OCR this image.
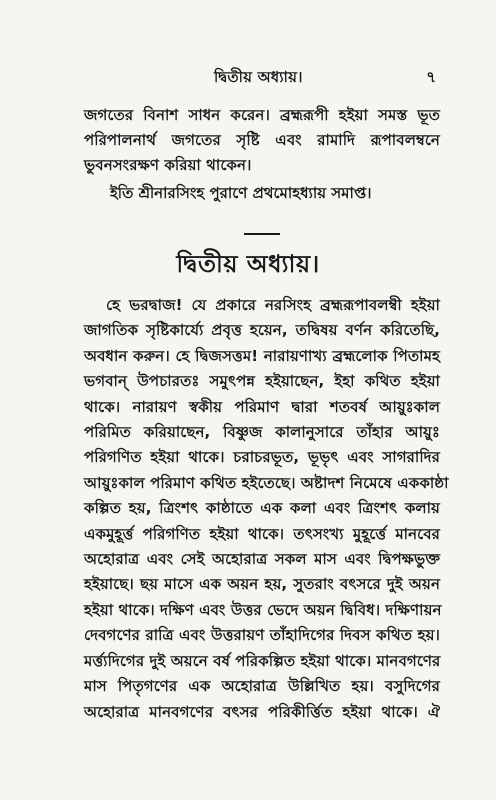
দ্বিতীয় অধ্যায়।	৭

জগতের বিনাশ সাধন করেন। ব্রহ্মরূপী হইয়া সমস্ত ভূত
পরিপালনার্থ জগতের সৃষ্টি এবং রামাদি রূপাবলম্বনে
ভুবনসংরক্ষণ করিয়া থাকেন।

ইতি শ্রীনারসিংহ পুরাণে প্রথমোহধ্যায় সমাপ্ত।
দ্বিতীয় অধ্যায়।

হে ভরদ্বাজ! যে প্রকারে নরসিংহ ব্রহ্মরূপাবলম্বী হইয়া
জাগতিক সৃষ্টিকার্য্যে প্রবৃত্ত হয়েন, তদ্বিষয় বর্ণন করিতেছি,
অবধান করুন। হে দ্বিজসত্তম! নারায়ণাখ্য ব্রহ্মলোক পিতামহ
ভগবান্ উপচারতঃ সমুৎপন্ন হইয়াছেন, ইহা কথিত হইয়া
থাকে। নারায়ণ স্বকীয় পরিমাণ দ্বারা শতবর্ষ আয়ুঃকাল
পরিমিত করিয়াছেন, বিষ্ণুজ কালানুসারে তাঁহার আয়ুঃ
পরিগণিত হইয়া থাকে। চরাচরভূত, ভূভৃৎ এবং সাগরাদির
আয়ুঃকাল পরিমাণ কথিত হইতেছে। অষ্টাদশ নিমেষে এককাষ্ঠা
কল্পিত হয়, ত্রিংশৎ কাষ্ঠাতে এক কলা এবং ত্রিংশৎ কলায়
একমুহূর্ত্ত পরিগণিত হইয়া থাকে। তৎসংখ্য মুহূর্ত্তে মানবের
অহোরাত্র এবং সেই অহোরাত্র সকল মাস এবং দ্বিপক্ষভুক্ত
হইয়াছে। ছয় মাসে এক অয়ন হয়, সুতরাং বৎসরে দুই অয়ন
হইয়া থাকে। দক্ষিণ এবং উত্তর ভেদে অয়ন দ্বিবিধ। দক্ষিণায়ন
দেবগণের রাত্রি এবং উত্তরায়ণ তাঁহাদিগের দিবস কথিত হয়।
মর্ত্ত্যদিগের দুই অয়নে বর্ষ পরিকল্পিত হইয়া থাকে। মানবগণের
মাস পিতৃগণের এক অহোরাত্র উল্লিখিত হয়। বসুদিগের
অহোরাত্র মানবগণের বৎসর পরিকীর্ত্তিত হইয়া থাকে। ঐ
